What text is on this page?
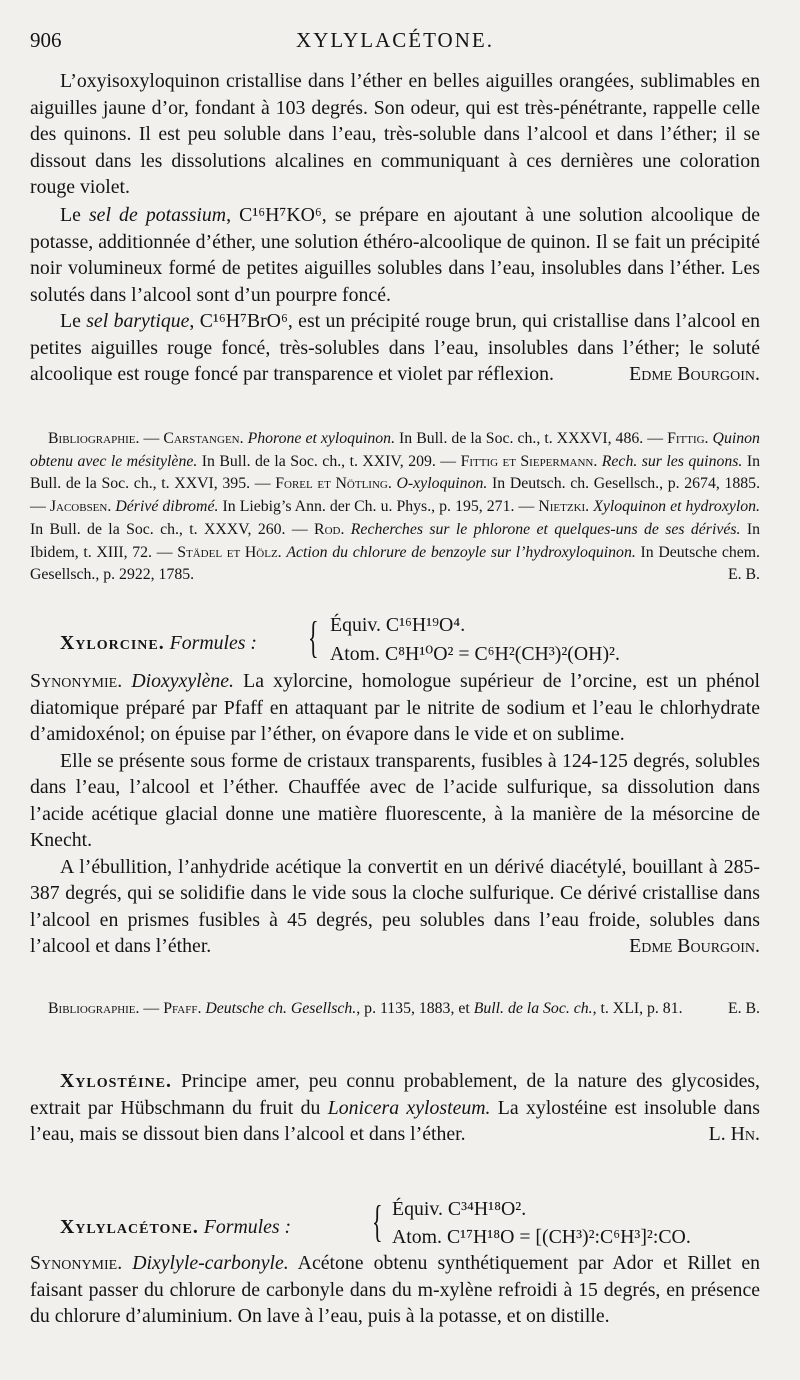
906	XYLYLACÉTONE.

L’oxyisoxyloquinon cristallise dans l’éther en belles aiguilles orangées, sublimables en aiguilles jaune d’or, fondant à 103 degrés. Son odeur, qui est très-pénétrante, rappelle celle des quinons. Il est peu soluble dans l’eau, très-soluble dans l’alcool et dans l’éther; il se dissout dans les dissolutions alcalines en communiquant à ces dernières une coloration rouge violet.

Le sel de potassium, C¹⁶H⁷KO⁶, se prépare en ajoutant à une solution alcoolique de potasse, additionnée d’éther, une solution éthéro-alcoolique de quinon. Il se fait un précipité noir volumineux formé de petites aiguilles solubles dans l’eau, insolubles dans l’éther. Les solutés dans l’alcool sont d’un pourpre foncé.

Le sel barytique, C¹⁶H⁷BrO⁶, est un précipité rouge brun, qui cristallise dans l’alcool en petites aiguilles rouge foncé, très-solubles dans l’eau, insolubles dans l’éther; le soluté alcoolique est rouge foncé par transparence et violet par réflexion.	Edme Bourgoin.

Bibliographie. — Carstangen. Phorone et xyloquinon. In Bull. de la Soc. ch., t. XXXVI, 486. — Fittig. Quinon obtenu avec le mésitylène. In Bull. de la Soc. ch., t. XXIV, 209. — Fittig et Siepermann. Rech. sur les quinons. In Bull. de la Soc. ch., t. XXVI, 395. — Forel et Nötling. O-xyloquinon. In Deutsch. ch. Gesellsch., p. 2674, 1885. — Jacobsen. Dérivé dibromé. In Liebig’s Ann. der Ch. u. Phys., p. 195, 271. — Nietzki. Xyloquinon et hydroxylon. In Bull. de la Soc. ch., t. XXXV, 260. — Rod. Recherches sur le phlorone et quelques-uns de ses dérivés. In Ibidem, t. XIII, 72. — Städel et Hölz. Action du chlorure de benzoyle sur l’hydroxyloquinon. In Deutsche chem. Gesellsch., p. 2922, 1785.	E. B.

Xylorcine. Formules : { Équiv. C¹⁶H¹⁹O⁴.
Atom. C⁸H¹⁰O² = C⁶H²(CH³)²(OH)².

Synonymie. Dioxyxylène. La xylorcine, homologue supérieur de l’orcine, est un phénol diatomique préparé par Pfaff en attaquant par le nitrite de sodium et l’eau le chlorhydrate d’amidoxénol; on épuise par l’éther, on évapore dans le vide et on sublime.

Elle se présente sous forme de cristaux transparents, fusibles à 124-125 degrés, solubles dans l’eau, l’alcool et l’éther. Chauffée avec de l’acide sulfurique, sa dissolution dans l’acide acétique glacial donne une matière fluorescente, à la manière de la mésorcine de Knecht.

A l’ébullition, l’anhydride acétique la convertit en un dérivé diacétylé, bouillant à 285-387 degrés, qui se solidifie dans le vide sous la cloche sulfurique. Ce dérivé cristallise dans l’alcool en prismes fusibles à 45 degrés, peu solubles dans l’eau froide, solubles dans l’alcool et dans l’éther.	Edme Bourgoin.

Bibliographie. — Pfaff. Deutsche ch. Gesellsch., p. 1135, 1883, et Bull. de la Soc. ch., t. XLI, p. 81.	E. B.

Xylostéine. Principe amer, peu connu probablement, de la nature des glycosides, extrait par Hübschmann du fruit du Lonicera xylosteum. La xylostéine est insoluble dans l’eau, mais se dissout bien dans l’alcool et dans l’éther.	L. Hn.

Xylylacétone. Formules : { Équiv. C³⁴H¹⁸O².
Atom. C¹⁷H¹⁸O = [(CH³)²:C⁶H³]²:CO.

Synonymie. Dixylyle-carbonyle. Acétone obtenu synthétiquement par Ador et Rillet en faisant passer du chlorure de carbonyle dans du m-xylène refroidi à 15 degrés, en présence du chlorure d’aluminium. On lave à l’eau, puis à la potasse, et on distille.
